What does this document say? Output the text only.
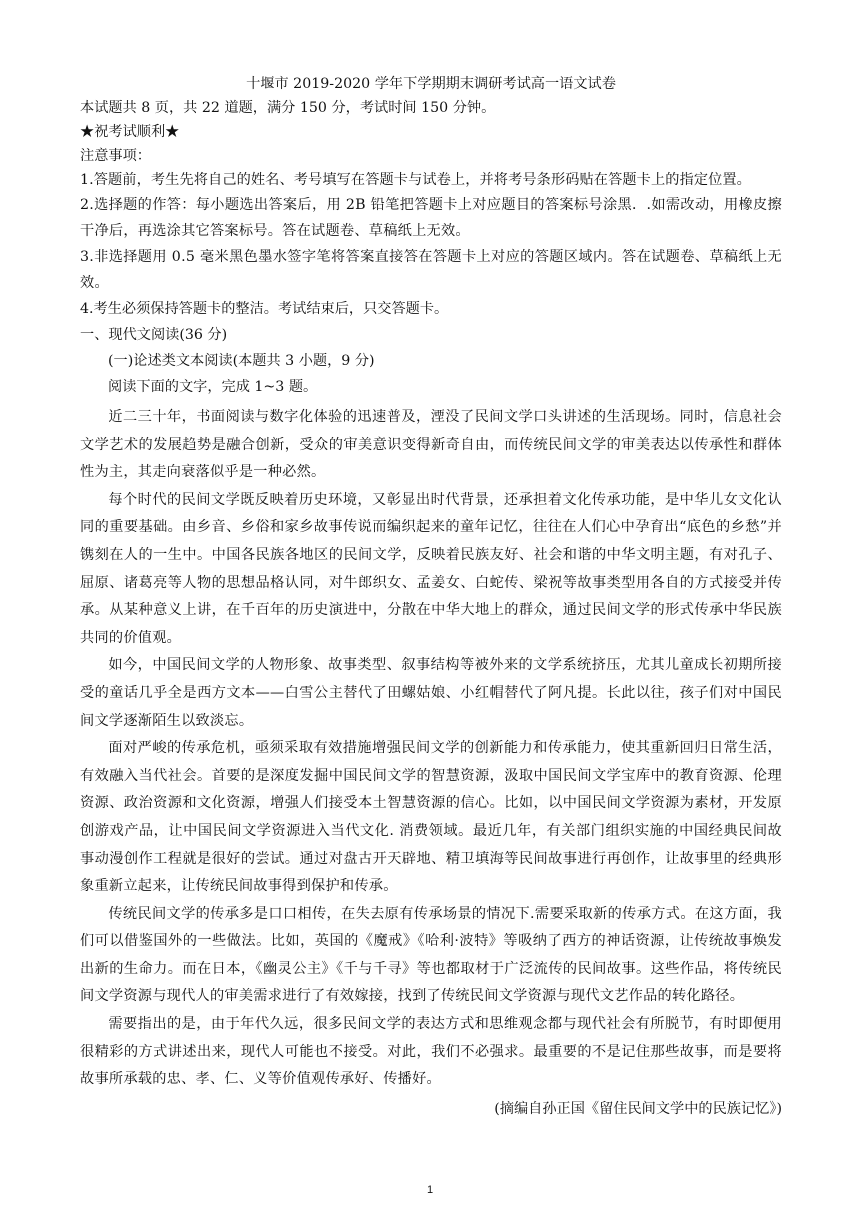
十堰市 2019-2020 学年下学期期末调研考试高一语文试卷

本试题共 8 页，共 22 道题，满分 150 分，考试时间 150 分钟。

★祝考试顺利★

注意事项：

1.答题前，考生先将自己的姓名、考号填写在答题卡与试卷上，并将考号条形码贴在答题卡上的指定位置。

2.选择题的作答：每小题选出答案后，用 2B 铅笔把答题卡上对应题目的答案标号涂黑．.如需改动，用橡皮擦干净后，再选涂其它答案标号。答在试题卷、草稿纸上无效。

3.非选择题用 0.5 毫米黑色墨水签字笔将答案直接答在答题卡上对应的答题区域内。答在试题卷、草稿纸上无效。

4.考生必须保持答题卡的整洁。考试结束后，只交答题卡。

一、现代文阅读(36 分)

(一)论述类文本阅读(本题共 3 小题，9 分)

阅读下面的文字，完成 1~3 题。

近二三十年，书面阅读与数字化体验的迅速普及，湮没了民间文学口头讲述的生活现场。同时，信息社会文学艺术的发展趋势是融合创新，受众的审美意识变得新奇自由，而传统民间文学的审美表达以传承性和群体性为主，其走向衰落似乎是一种必然。

每个时代的民间文学既反映着历史环境，又彰显出时代背景，还承担着文化传承功能，是中华儿女文化认同的重要基础。由乡音、乡俗和家乡故事传说而编织起来的童年记忆，往往在人们心中孕育出“底色的乡愁”并镌刻在人的一生中。中国各民族各地区的民间文学，反映着民族友好、社会和谐的中华文明主题，有对孔子、屈原、诸葛亮等人物的思想品格认同，对牛郎织女、孟姜女、白蛇传、梁祝等故事类型用各自的方式接受并传承。从某种意义上讲，在千百年的历史演进中，分散在中华大地上的群众，通过民间文学的形式传承中华民族共同的价值观。

如今，中国民间文学的人物形象、故事类型、叙事结构等被外来的文学系统挤压，尤其儿童成长初期所接受的童话几乎全是西方文本——白雪公主替代了田螺姑娘、小红帽替代了阿凡提。长此以往，孩子们对中国民间文学逐渐陌生以致淡忘。

面对严峻的传承危机，亟须采取有效措施增强民间文学的创新能力和传承能力，使其重新回归日常生活，有效融入当代社会。首要的是深度发掘中国民间文学的智慧资源，汲取中国民间文学宝库中的教育资源、伦理资源、政治资源和文化资源，增强人们接受本土智慧资源的信心。比如，以中国民间文学资源为素材，开发原创游戏产品，让中国民间文学资源进入当代文化. 消费领域。最近几年，有关部门组织实施的中国经典民间故事动漫创作工程就是很好的尝试。通过对盘古开天辟地、精卫填海等民间故事进行再创作，让故事里的经典形象重新立起来，让传统民间故事得到保护和传承。

传统民间文学的传承多是口口相传，在失去原有传承场景的情况下.需要采取新的传承方式。在这方面，我们可以借鉴国外的一些做法。比如，英国的《魔戒》《哈利·波特》等吸纳了西方的神话资源，让传统故事焕发出新的生命力。而在日本，《幽灵公主》《千与千寻》等也都取材于广泛流传的民间故事。这些作品，将传统民间文学资源与现代人的审美需求进行了有效嫁接，找到了传统民间文学资源与现代文艺作品的转化路径。

需要指出的是，由于年代久远，很多民间文学的表达方式和思维观念都与现代社会有所脱节，有时即便用很精彩的方式讲述出来，现代人可能也不接受。对此，我们不必强求。最重要的不是记住那些故事，而是要将故事所承载的忠、孝、仁、义等价值观传承好、传播好。

(摘编自孙正国《留住民间文学中的民族记忆》)

1
